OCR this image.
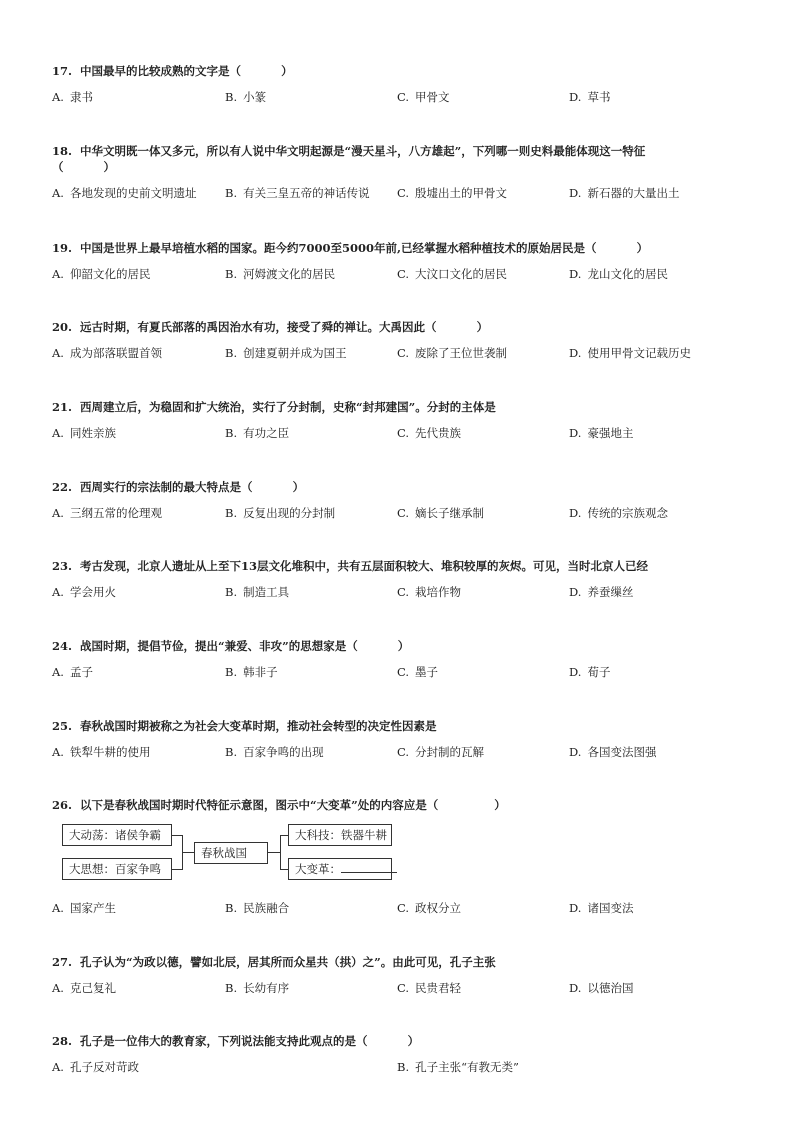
17. 中国最早的比较成熟的文字是（          ）
A. 隶书	B. 小篆	C. 甲骨文	D. 草书
18. 中华文明既一体又多元，所以有人说中华文明起源是“漫天星斗，八方雄起”，下列哪一则史料最能体现这一特征
（          ）
A. 各地发现的史前文明遗址 B. 有关三皇五帝的神话传说 C. 殷墟出土的甲骨文	D. 新石器的大量出土
19. 中国是世界上最早培植水稻的国家。距今约7000至5000年前,已经掌握水稻种植技术的原始居民是（          ）
A. 仰韶文化的居民	B. 河姆渡文化的居民	C. 大汶口文化的居民	D. 龙山文化的居民
20. 远古时期，有夏氏部落的禹因治水有功，接受了舜的禅让。大禹因此（          ）
A. 成为部落联盟首领	B. 创建夏朝并成为国王	C. 废除了王位世袭制	D. 使用甲骨文记载历史
21. 西周建立后，为稳固和扩大统治，实行了分封制，史称“封邦建国”。分封的主体是
A. 同姓亲族	B. 有功之臣	C. 先代贵族	D. 豪强地主
22. 西周实行的宗法制的最大特点是（          ）
A. 三纲五常的伦理观	B. 反复出现的分封制	C. 嫡长子继承制	D. 传统的宗族观念
23. 考古发现，北京人遗址从上至下13层文化堆积中，共有五层面积较大、堆积较厚的灰烬。可见，当时北京人已经
A. 学会用火	B. 制造工具	C. 栽培作物	D. 养蚕缫丝
24. 战国时期，提倡节俭，提出“兼爱、非攻”的思想家是（          ）
A. 孟子	B. 韩非子	C. 墨子	D. 荀子
25. 春秋战国时期被称之为社会大变革时期，推动社会转型的决定性因素是
A. 铁犁牛耕的使用	B. 百家争鸣的出现	C. 分封制的瓦解	D. 各国变法图强
26. 以下是春秋战国时期时代特征示意图，图示中“大变革”处的内容应是（              ）
大动荡：诸侯争霸
大思想：百家争鸣
春秋战国
大科技：铁器牛耕
大变革：
A. 国家产生	B. 民族融合	C. 政权分立	D. 诸国变法
27. 孔子认为“为政以德，譬如北辰，居其所而众星共（拱）之”。由此可见，孔子主张
A. 克己复礼	B. 长幼有序	C. 民贵君轻	D. 以德治国
28. 孔子是一位伟大的教育家，下列说法能支持此观点的是（          ）
A. 孔子反对苛政	B. 孔子主张“有教无类”
